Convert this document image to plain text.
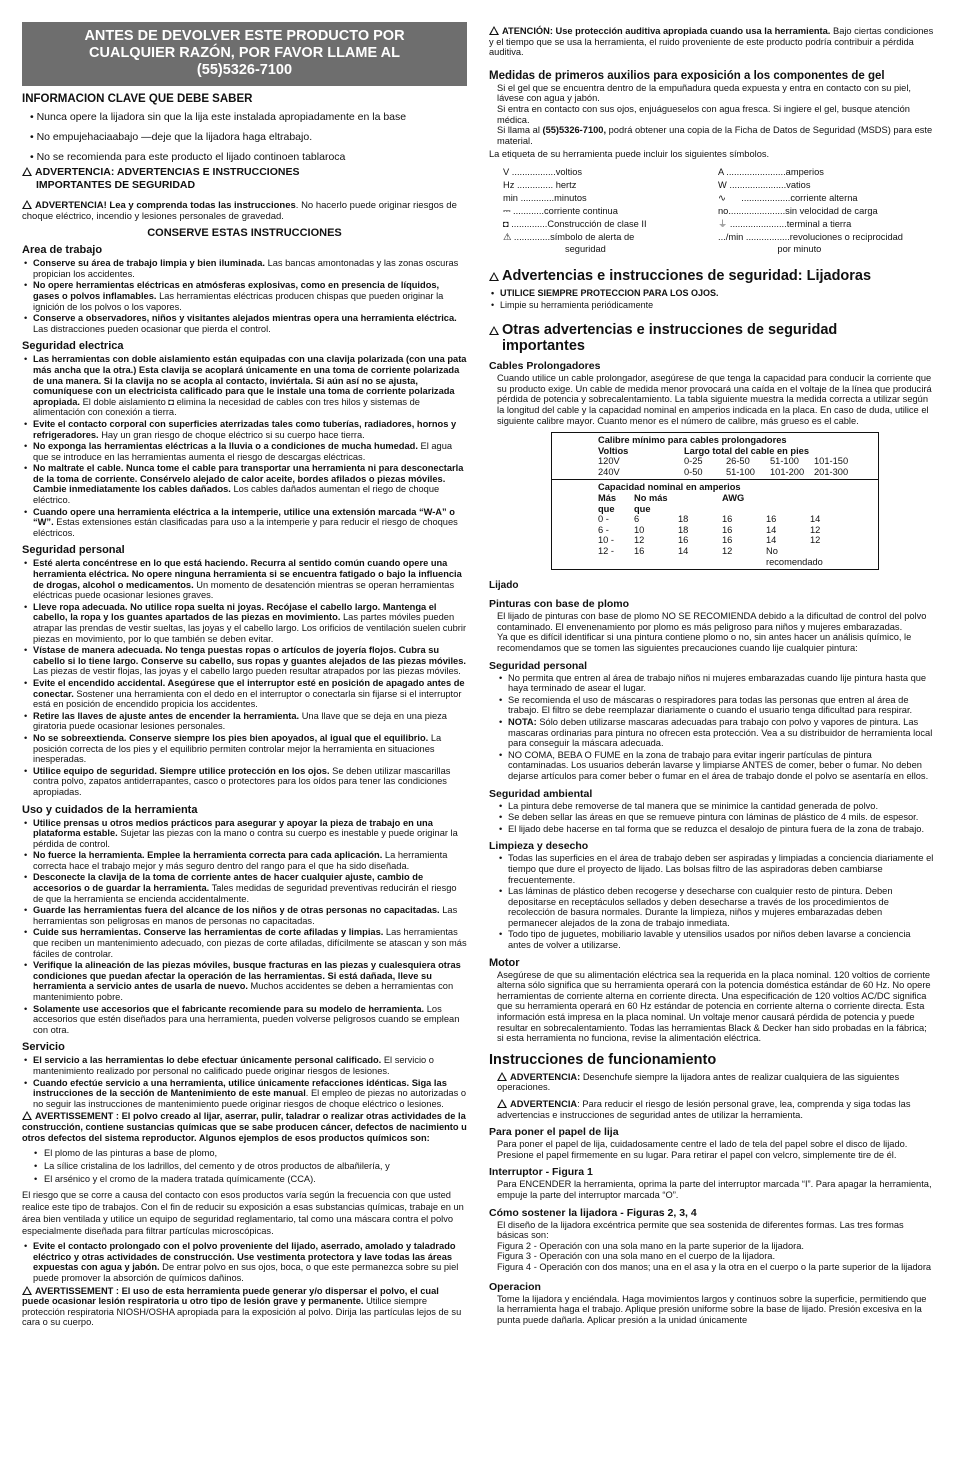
ANTES DE DEVOLVER ESTE PRODUCTO POR
CUALQUIER RAZÓN, POR FAVOR LLAME AL
(55)5326-7100
INFORMACION CLAVE QUE DEBE SABER
• Nunca opere la lijadora sin que la lija este instalada apropiadamente en la base
• No empujehaciaabajo —deje que la lijadora haga eltrabajo.
• No se recomienda para este producto el lijado continoen tablaroca
ADVERTENCIA: ADVERTENCIAS E INSTRUCCIONES
IMPORTANTES DE SEGURIDAD
ADVERTENCIA! Lea y comprenda todas las instrucciones. No hacerlo puede originar riesgos de choque eléctrico, incendio y lesiones personales de gravedad.
CONSERVE ESTAS INSTRUCCIONES
Area de trabajo
• Conserve su área de trabajo limpia y bien iluminada. Las bancas amontonadas y las zonas oscuras propician los accidentes.
• No opere herramientas eléctricas en atmósferas explosivas, como en presencia de líquidos, gases o polvos inflamables. Las herramientas eléctricas producen chispas que pueden originar la ignición de los polvos o los vapores.
• Conserve a observadores, niños y visitantes alejados mientras opera una herramienta eléctrica. Las distracciones pueden ocasionar que pierda el control.
Seguridad electrica
• Las herramientas con doble aislamiento están equipadas con una clavija polarizada (con una pata más ancha que la otra.) Esta clavija se acoplará únicamente en una toma de corriente polarizada de una manera. Si la clavija no se acopla al contacto, inviértala. Si aún así no se ajusta, comuníquese con un electricista calificado para que le instale una toma de corriente polarizada apropiada. El doble aislamiento ◘ elimina la necesidad de cables con tres hilos y sistemas de alimentación con conexión a tierra.
• Evite el contacto corporal con superficies aterrizadas tales como tuberías, radiadores, hornos y refrigeradores. Hay un gran riesgo de choque eléctrico si su cuerpo hace tierra.
• No exponga las herramientas eléctricas a la lluvia o a condiciones de mucha humedad. El agua que se introduce en las herramientas aumenta el riesgo de descargas eléctricas.
• No maltrate el cable. Nunca tome el cable para transportar una herramienta ni para desconectarla de la toma de corriente. Consérvelo alejado de calor aceite, bordes afilados o piezas móviles. Cambie inmediatamente los cables dañados. Los cables dañados aumentan el riego de choque eléctrico.
• Cuando opere una herramienta eléctrica a la intemperie, utilice una extensión marcada “W-A” o “W”. Estas extensiones están clasificadas para uso a la intemperie y para reducir el riesgo de choques eléctricos.
Seguridad personal
• Esté alerta concéntrese en lo que está haciendo. Recurra al sentido común cuando opere una herramienta eléctrica. No opere ninguna herramienta si se encuentra fatigado o bajo la influencia de drogas, alcohol o medicamentos. Un momento de desatención mientras se operan herramientas eléctricas puede ocasionar lesiones graves.
• Lleve ropa adecuada. No utilice ropa suelta ni joyas. Recójase el cabello largo. Mantenga el cabello, la ropa y los guantes apartados de las piezas en movimiento. Las partes móviles pueden atrapar las prendas de vestir sueltas, las joyas y el cabello largo. Los orificios de ventilación suelen cubrir piezas en movimiento, por lo que también se deben evitar.
• Vístase de manera adecuada. No tenga puestas ropas o artículos de joyería flojos. Cubra su cabello si lo tiene largo. Conserve su cabello, sus ropas y guantes alejados de las piezas móviles. Las piezas de vestir flojas, las joyas y el cabello largo pueden resultar atrapados por las piezas móviles.
• Evite el encendido accidental. Asegúrese que el interruptor esté en posición de apagado antes de conectar. Sostener una herramienta con el dedo en el interruptor o conectarla sin fijarse si el interruptor está en posición de encendido propicia los accidentes.
• Retire las llaves de ajuste antes de encender la herramienta. Una llave que se deja en una pieza giratoria puede ocasionar lesiones personales.
• No se sobreextienda. Conserve siempre los pies bien apoyados, al igual que el equilibrio. La posición correcta de los pies y el equilibrio permiten controlar mejor la herramienta en situaciones inesperadas.
• Utilice equipo de seguridad. Siempre utilice protección en los ojos. Se deben utilizar mascarillas contra polvo, zapatos antiderrapantes, casco o protectores para los oídos para tener las condiciones apropiadas.
Uso y cuidados de la herramienta
• Utilice prensas u otros medios prácticos para asegurar y apoyar la pieza de trabajo en una plataforma estable. Sujetar las piezas con la mano o contra su cuerpo es inestable y puede originar la pérdida de control.
• No fuerce la herramienta. Emplee la herramienta correcta para cada aplicación. La herramienta correcta hace el trabajo mejor y más seguro dentro del rango para el que ha sido diseñada.
• Desconecte la clavija de la toma de corriente antes de hacer cualquier ajuste, cambio de accesorios o de guardar la herramienta. Tales medidas de seguridad preventivas reducirán el riesgo de que la herramienta se encienda accidentalmente.
• Guarde las herramientas fuera del alcance de los niños y de otras personas no capacitadas. Las herramientas son peligrosas en manos de personas no capacitadas.
• Cuide sus herramientas. Conserve las herramientas de corte afiladas y limpias. Las herramientas que reciben un mantenimiento adecuado, con piezas de corte afiladas, difícilmente se atascan y son más fáciles de controlar.
• Verifique la alineación de las piezas móviles, busque fracturas en las piezas y cualesquiera otras condiciones que puedan afectar la operación de las herramientas. Si está dañada, lleve su herramienta a servicio antes de usarla de nuevo. Muchos accidentes se deben a herramientas con mantenimiento pobre.
• Solamente use accesorios que el fabricante recomiende para su modelo de herramienta. Los accesorios que estén diseñados para una herramienta, pueden volverse peligrosos cuando se emplean con otra.
Servicio
• El servicio a las herramientas lo debe efectuar únicamente personal calificado. El servicio o mantenimiento realizado por personal no calificado puede originar riesgos de lesiones.
• Cuando efectúe servicio a una herramienta, utilice únicamente refacciones idénticas. Siga las instrucciones de la sección de Mantenimiento de este manual. El empleo de piezas no autorizadas o no seguir las instrucciones de mantenimiento puede originar riesgos de choque eléctrico o lesiones.
AVERTISSEMENT : El polvo creado al lijar, aserrar, pulir, taladrar o realizar otras actividades de la construcción, contiene sustancias químicas que se sabe producen cáncer, defectos de nacimiento u otros defectos del sistema reproductor. Algunos ejemplos de esos productos químicos son:
• El plomo de las pinturas a base de plomo,
• La sílice cristalina de los ladrillos, del cemento y de otros productos de albañilería, y
• El arsénico y el cromo de la madera tratada químicamente (CCA).
El riesgo que se corre a causa del contacto con esos productos varía según la frecuencia con que usted realice este tipo de trabajos. Con el fin de reducir su exposición a esas substancias químicas, trabaje en un área bien ventilada y utilice un equipo de seguridad reglamentario, tal como una máscara contra el polvo especialmente diseñada para filtrar partículas microscópicas.
• Evite el contacto prolongado con el polvo proveniente del lijado, aserrado, amolado y taladrado eléctrico y otras actividades de construcción. Use vestimenta protectora y lave todas las áreas expuestas con agua y jabón. De entrar polvo en sus ojos, boca, o que este permanezca sobre su piel puede promover la absorción de químicos dañinos.
AVERTISSEMENT : El uso de esta herramienta puede generar y/o dispersar el polvo, el cual puede ocasionar lesión respiratoria u otro tipo de lesión grave y permanente. Utilice siempre protección respiratoria NIOSH/OSHA apropiada para la exposición al polvo. Dirija las partículas lejos de su cara o su cuerpo.
ATENCIÓN: Use protección auditiva apropiada cuando usa la herramienta. Bajo ciertas condiciones y el tiempo que se usa la herramienta, el ruido proveniente de este producto podría contribuir a pérdida auditiva.
Medidas de primeros auxilios para exposición a los componentes de gel
Si el gel que se encuentra dentro de la empuñadura queda expuesta y entra en contacto con su piel, lávese con agua y jabón.
Si entra en contacto con sus ojos, enjuágueselos con agua fresca. Si ingiere el gel, busque atención médica.
Si llama al (55)5326-7100, podrá obtener una copia de la Ficha de Datos de Seguridad (MSDS) para este material.
La etiqueta de su herramienta puede incluir los siguientes símbolos.
V .................voltios	A .......................amperios
Hz .............. hertz	W ......................vatios
min .............minutos	∿      ...................corriente alterna
⎓ ............corriente continua	no......................sin velocidad de carga
◘ ..............Construcción de clase II	⏚ ......................terminal a tierra
⚠ ..............símbolo de alerta de	.../min .................revoluciones o reciprocidad
seguridad	por minuto
Advertencias e instrucciones de seguridad: Lijadoras
• UTILICE SIEMPRE PROTECCION PARA LOS OJOS.
• Limpie su herramienta periódicamente
Otras advertencias e instrucciones de seguridad
importantes
Cables Prolongadores
Cuando utilice un cable prolongador, asegúrese de que tenga la capacidad para conducir la corriente que su producto exige. Un cable de medida menor provocará una caída en el voltaje de la línea que producirá pérdida de potencia y sobrecalentamiento. La tabla siguiente muestra la medida correcta a utilizar según la longitud del cable y la capacidad nominal en amperios indicada en la placa. En caso de duda, utilice el siguiente calibre mayor. Cuanto menor es el número de calibre, más grueso es el cable.
Calibre mínimo para cables prolongadores
Voltios	Largo total del cable en pies
120V	0-25	26-50	51-100	101-150
240V	0-50	51-100	101-200	201-300
Capacidad nominal en amperios
Más	No más	AWG
que	que
0 -	6	18	16	16	14
6 -	10	18	16	14	12
10 -	12	16	16	14	12
12 -	16	14	12	No recomendado
Lijado
Pinturas con base de plomo
El lijado de pinturas con base de plomo NO SE RECOMIENDA debido a la dificultad de control del polvo contaminado. El envenenamiento por plomo es más peligroso para niños y mujeres embarazadas.
Ya que es difícil identificar si una pintura contiene plomo o no, sin antes hacer un análisis químico, le recomendamos que se tomen las siguientes precauciones cuando lije cualquier pintura:
Seguridad personal
• No permita que entren al área de trabajo niños ni mujeres embarazadas cuando lije pintura hasta que haya terminado de asear el lugar.
• Se recomienda el uso de máscaras o respiradores para todas las personas que entren al área de trabajo. El filtro se debe reemplazar diariamente o cuando el usuario tenga dificultad para respirar.
• NOTA: Sólo deben utilizarse mascaras adecuadas para trabajo con polvo y vapores de pintura. Las mascaras ordinarias para pintura no ofrecen esta protección. Vea a su distribuidor de herramienta local para conseguir la máscara adecuada.
• NO COMA, BEBA O FUME en la zona de trabajo para evitar ingerir partículas de pintura contaminadas. Los usuarios deberán lavarse y limpiarse ANTES de comer, beber o fumar. No deben dejarse artículos para comer beber o fumar en el área de trabajo donde el polvo se asentaría en ellos.
Seguridad ambiental
• La pintura debe removerse de tal manera que se minimice la cantidad generada de polvo.
• Se deben sellar las áreas en que se remueve pintura con láminas de plástico de 4 mils. de espesor.
• El lijado debe hacerse en tal forma que se reduzca el desalojo de pintura fuera de la zona de trabajo.
Limpieza y desecho
• Todas las superficies en el área de trabajo deben ser aspiradas y limpiadas a conciencia diariamente el tiempo que dure el proyecto de lijado. Las bolsas filtro de las aspiradoras deben cambiarse frecuentemente.
• Las láminas de plástico deben recogerse y desecharse con cualquier resto de pintura. Deben depositarse en receptáculos sellados y deben desecharse a través de los procedimientos de recolección de basura normales. Durante la limpieza, niños y mujeres embarazadas deben permanecer alejados de la zona de trabajo inmediata.
• Todo tipo de juguetes, mobiliario lavable y utensilios usados por niños deben lavarse a conciencia antes de volver a utilizarse.
Motor
Asegúrese de que su alimentación eléctrica sea la requerida en la placa nominal. 120 voltios de corriente alterna sólo significa que su herramienta operará con la potencia doméstica estándar de 60 Hz. No opere herramientas de corriente alterna en corriente directa. Una especificación de 120 voltios AC/DC significa que su herramienta operará en 60 Hz estándar de potencia en corriente alterna o corriente directa. Esta información está impresa en la placa nominal. Un voltaje menor causará pérdida de potencia y puede resultar en sobrecalentamiento. Todas las herramientas Black & Decker han sido probadas en la fábrica; si esta herramienta no funciona, revise la alimentación eléctrica.
Instrucciones de funcionamiento
ADVERTENCIA: Desenchufe siempre la lijadora antes de realizar cualquiera de las siguientes operaciones.
ADVERTENCIA: Para reducir el riesgo de lesión personal grave, lea, comprenda y siga todas las advertencias e instrucciones de seguridad antes de utilizar la herramienta.
Para poner el papel de lija
Para poner el papel de lija, cuidadosamente centre el lado de tela del papel sobre el disco de lijado. Presione el papel firmemente en su lugar. Para retirar el papel con velcro, simplemente tire de él.
Interruptor - Figura 1
Para ENCENDER la herramienta, oprima la parte del interruptor marcada “I”. Para apagar la herramienta, empuje la parte del interruptor marcada “O”.
Cómo sostener la lijadora - Figuras 2, 3, 4
El diseño de la lijadora excéntrica permite que sea sostenida de diferentes formas. Las tres formas básicas son:
Figura 2 - Operación con una sola mano en la parte superior de la lijadora.
Figura 3 - Operación con una sola mano en el cuerpo de la lijadora.
Figura 4 - Operación con dos manos; una en el asa y la otra en el cuerpo o la parte superior de la lijadora
Operacion
Tome la lijadora y enciéndala. Haga movimientos largos y continuos sobre la superficie, permitiendo que la herramienta haga el trabajo. Aplique presión uniforme sobre la base de lijado. Presión excesiva en la punta puede dañarla. Aplicar presión a la unidad únicamente
